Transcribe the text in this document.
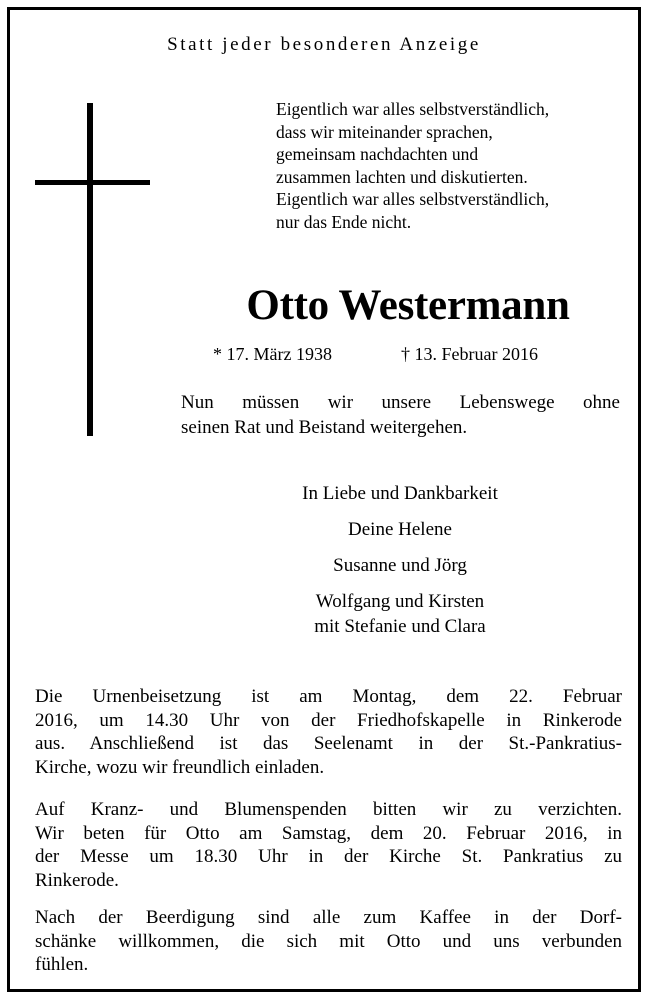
Statt jeder besonderen Anzeige
Eigentlich war alles selbstverständlich,
dass wir miteinander sprachen,
gemeinsam nachdachten und
zusammen lachten und diskutierten.
Eigentlich war alles selbstverständlich,
nur das Ende nicht.
Otto Westermann
* 17. März 1938	† 13. Februar 2016
Nun müssen wir unsere Lebenswege ohne
seinen Rat und Beistand weitergehen.
In Liebe und Dankbarkeit
Deine Helene
Susanne und Jörg
Wolfgang und Kirsten
mit Stefanie und Clara
Die Urnenbeisetzung ist am Montag, dem 22. Februar
2016, um 14.30 Uhr von der Friedhofskapelle in Rinkerode
aus. Anschließend ist das Seelenamt in der St.-Pankratius-
Kirche, wozu wir freundlich einladen.
Auf Kranz- und Blumenspenden bitten wir zu verzichten.
Wir beten für Otto am Samstag, dem 20. Februar 2016, in
der Messe um 18.30 Uhr in der Kirche St. Pankratius zu
Rinkerode.
Nach der Beerdigung sind alle zum Kaffee in der Dorf-
schänke willkommen, die sich mit Otto und uns verbunden
fühlen.
